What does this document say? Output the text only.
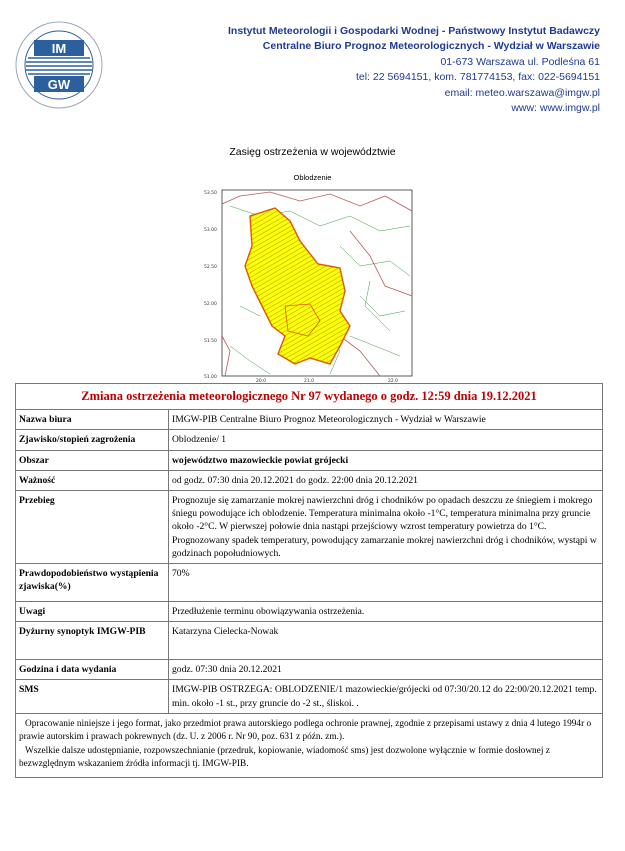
IM
GW
Instytut Meteorologii i Gospodarki Wodnej - Państwowy Instytut Badawczy
Centralne Biuro Prognoz Meteorologicznych - Wydział w Warszawie
01-673 Warszawa ul. Podleśna 61
tel: 22 5694151, kom. 781774153, fax: 022-5694151
email: meteo.warszawa@imgw.pl
www: www.imgw.pl
Zasięg ostrzeżenia w województwie
Oblodzenie
53.50
53.00
52.50
52.00
51.50
51.00
20.0	21.0	22.0
Zmiana ostrzeżenia meteorologicznego Nr 97 wydanego o godz. 12:59 dnia 19.12.2021	
Nazwa biura	IMGW-PIB Centralne Biuro Prognoz Meteorologicznych - Wydział w Warszawie
Zjawisko/stopień zagrożenia	Oblodzenie/ 1
Obszar	województwo mazowieckie powiat grójecki
Ważność	od godz. 07:30 dnia 20.12.2021 do godz. 22:00 dnia 20.12.2021
Przebieg	Prognozuje się zamarzanie mokrej nawierzchni dróg i chodników po opadach deszczu ze śniegiem i mokrego śniegu powodujące ich oblodzenie. Temperatura minimalna około -1°C, temperatura minimalna przy gruncie około -2°C. W pierwszej połowie dnia nastąpi przejściowy wzrost temperatury powietrza do 1°C. Prognozowany spadek temperatury, powodujący zamarzanie mokrej nawierzchni dróg i chodników, wystąpi w godzinach popołudniowych.
Prawdopodobieństwo wystąpienia zjawiska(%)	70%
Uwagi	Przedłużenie terminu obowiązywania ostrzeżenia.
Dyżurny synoptyk IMGW-PIB	Katarzyna Cielecka-Nowak
Godzina i data wydania	godz. 07:30 dnia 20.12.2021
SMS	IMGW-PIB OSTRZEGA: OBLODZENIE/1 mazowieckie/grójecki od 07:30/20.12 do 22:00/20.12.2021 temp. min. około -1 st., przy gruncie do -2 st., śliskoi. .

Opracowanie niniejsze i jego format, jako przedmiot prawa autorskiego podlega ochronie prawnej, zgodnie z przepisami ustawy z dnia 4 lutego 1994r o prawie autorskim i prawach pokrewnych (dz. U. z 2006 r. Nr 90, poz. 631 z późn. zm.).
Wszelkie dalsze udostępnianie, rozpowszechnianie (przedruk, kopiowanie, wiadomość sms) jest dozwolone wyłącznie w formie dosłownej z bezwzględnym wskazaniem źródła informacji tj. IMGW-PIB.	
